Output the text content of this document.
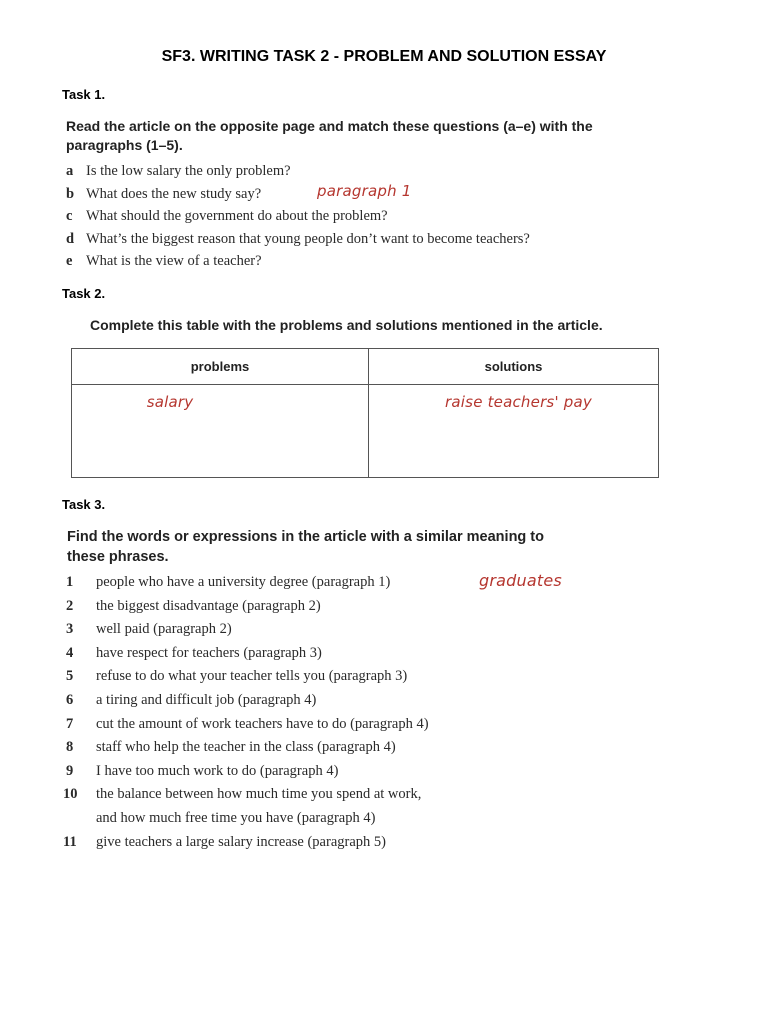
SF3. WRITING TASK 2 - PROBLEM AND SOLUTION ESSAY
Task 1.
Read the article on the opposite page and match these questions (a–e) with the
paragraphs (1–5).
a Is the low salary the only problem?
b What does the new study say?	paragraph 1
c What should the government do about the problem?
d What’s the biggest reason that young people don’t want to become teachers?
e What is the view of a teacher?
Task 2.
Complete this table with the problems and solutions mentioned in the article.
problems	solutions
salary	raise teachers' pay
Task 3.
Find the words or expressions in the article with a similar meaning to
these phrases.
1 people who have a university degree (paragraph 1)	graduates
2 the biggest disadvantage (paragraph 2)
3 well paid (paragraph 2)
4 have respect for teachers (paragraph 3)
5 refuse to do what your teacher tells you (paragraph 3)
6 a tiring and difficult job (paragraph 4)
7 cut the amount of work teachers have to do (paragraph 4)
8 staff who help the teacher in the class (paragraph 4)
9 I have too much work to do (paragraph 4)
10 the balance between how much time you spend at work,
and how much free time you have (paragraph 4)
11 give teachers a large salary increase (paragraph 5)
